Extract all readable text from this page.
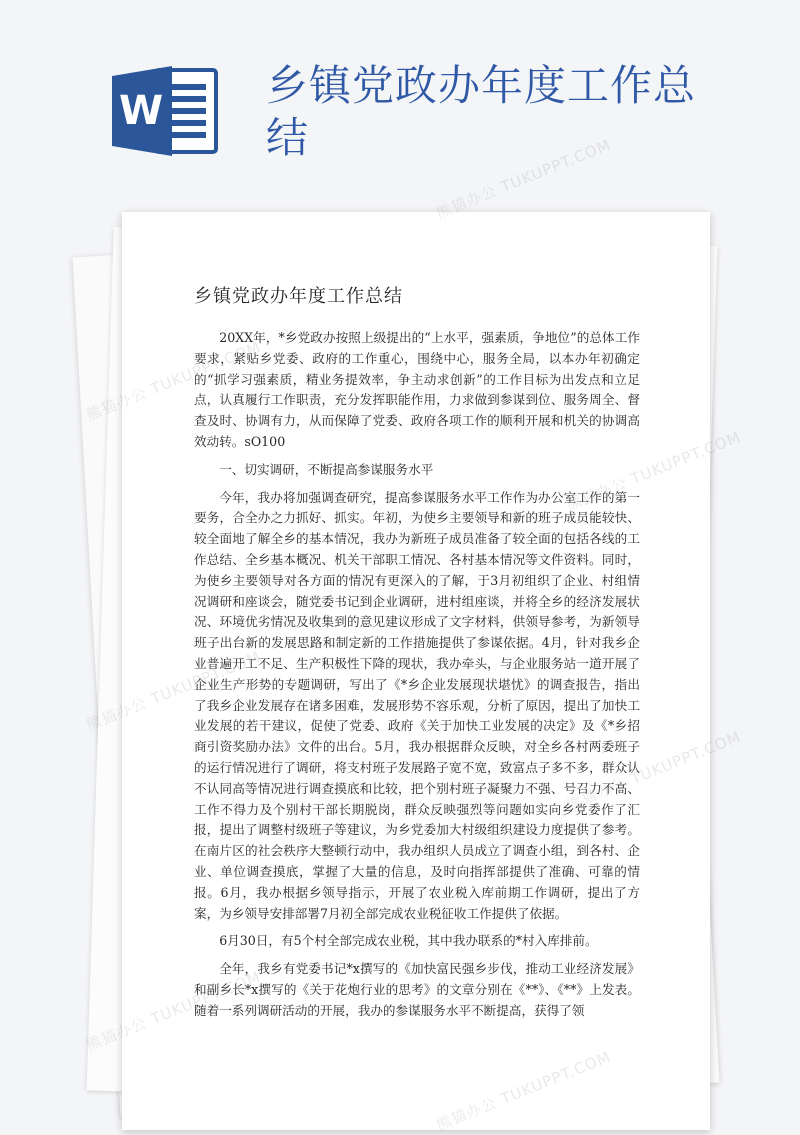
W
乡镇党政办年度工作总结
乡镇党政办年度工作总结

20XX年，*乡党政办按照上级提出的“上水平，强素质，争地位”的总体工作要求，紧贴乡党委、政府的工作重心，围绕中心，服务全局，以本办年初确定的“抓学习强素质，精业务提效率，争主动求创新”的工作目标为出发点和立足点，认真履行工作职责，充分发挥职能作用，力求做到参谋到位、服务周全、督查及时、协调有力，从而保障了党委、政府各项工作的顺利开展和机关的协调高效动转。sO100

一、切实调研，不断提高参谋服务水平

今年，我办将加强调查研究，提高参谋服务水平工作作为办公室工作的第一要务，合全办之力抓好、抓实。年初，为使乡主要领导和新的班子成员能较快、较全面地了解全乡的基本情况，我办为新班子成员准备了较全面的包括各线的工作总结、全乡基本概况、机关干部职工情况、各村基本情况等文件资料。同时，为使乡主要领导对各方面的情况有更深入的了解，于3月初组织了企业、村组情况调研和座谈会，随党委书记到企业调研，进村组座谈，并将全乡的经济发展状况、环境优劣情况及收集到的意见建议形成了文字材料，供领导参考，为新领导班子出台新的发展思路和制定新的工作措施提供了参谋依据。4月，针对我乡企业普遍开工不足、生产积极性下降的现状，我办牵头，与企业服务站一道开展了企业生产形势的专题调研，写出了《*乡企业发展现状堪忧》的调查报告，指出了我乡企业发展存在诸多困难，发展形势不容乐观，分析了原因，提出了加快工业发展的若干建议，促使了党委、政府《关于加快工业发展的决定》及《*乡招商引资奖励办法》文件的出台。5月，我办根据群众反映，对全乡各村两委班子的运行情况进行了调研，将支村班子发展路子宽不宽，致富点子多不多，群众认不认同高等情况进行调查摸底和比较，把个别村班子凝聚力不强、号召力不高、工作不得力及个别村干部长期脱岗，群众反映强烈等问题如实向乡党委作了汇报，提出了调整村级班子等建议，为乡党委加大村级组织建设力度提供了参考。在南片区的社会秩序大整顿行动中，我办组织人员成立了调查小组，到各村、企业、单位调查摸底，掌握了大量的信息，及时向指挥部提供了准确、可靠的情报。6月，我办根据乡领导指示，开展了农业税入库前期工作调研，提出了方案，为乡领导安排部署7月初全部完成农业税征收工作提供了依据。

6月30日，有5个村全部完成农业税，其中我办联系的*村入库排前。

全年，我乡有党委书记*x撰写的《加快富民强乡步伐，推动工业经济发展》和副乡长*x撰写的《关于花炮行业的思考》的文章分别在《**》、《**》上发表。随着一系列调研活动的开展，我办的参谋服务水平不断提高，获得了领

熊猫办公 TUKUPPT.COM
